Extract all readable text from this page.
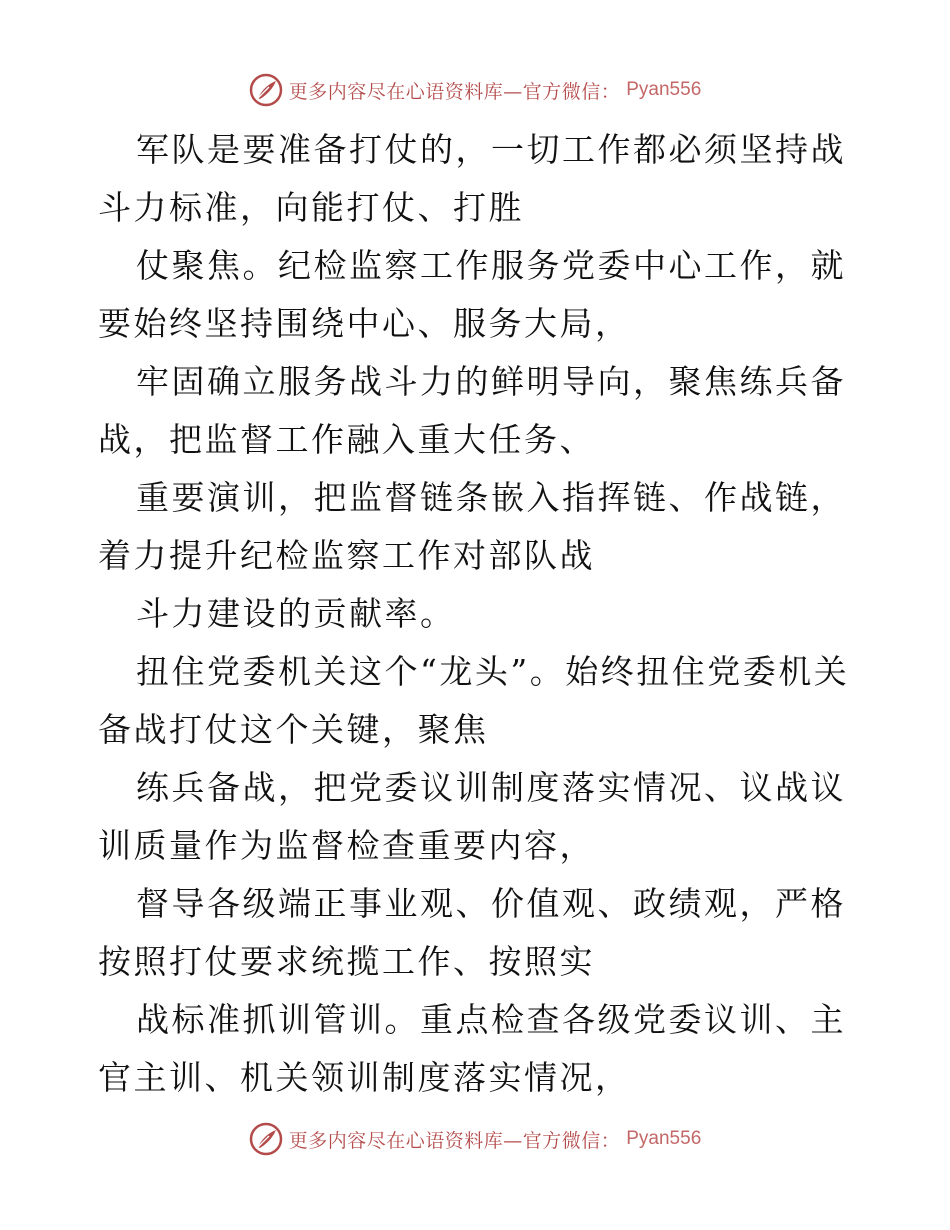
更多内容尽在心语资料库—官方微信： Pyan556

军队是要准备打仗的，一切工作都必须坚持战斗力标准，向能打仗、打胜

仗聚焦。纪检监察工作服务党委中心工作，就要始终坚持围绕中心、服务大局，

牢固确立服务战斗力的鲜明导向，聚焦练兵备战，把监督工作融入重大任务、

重要演训，把监督链条嵌入指挥链、作战链，着力提升纪检监察工作对部队战

斗力建设的贡献率。

扭住党委机关这个“龙头”。始终扭住党委机关备战打仗这个关键，聚焦

练兵备战，把党委议训制度落实情况、议战议训质量作为监督检查重要内容，

督导各级端正事业观、价值观、政绩观，严格按照打仗要求统揽工作、按照实

战标准抓训管训。重点检查各级党委议训、主官主训、机关领训制度落实情况，

更多内容尽在心语资料库—官方微信： Pyan556
